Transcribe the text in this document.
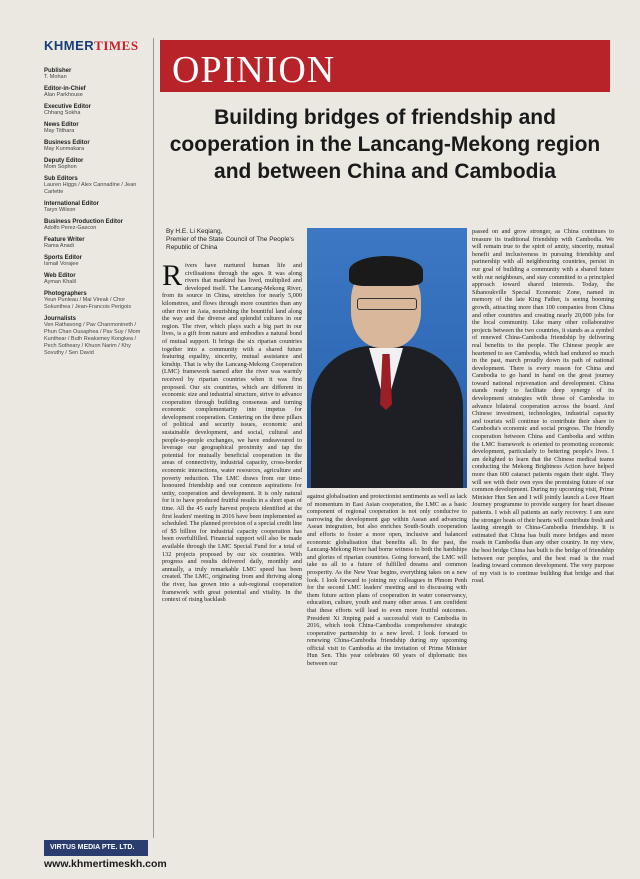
KHMERTIMES
Publisher
T. Mohan
Editor-in-Chief
Alan Parkhouse
Executive Editor
Chhang Sokha
News Editor
May Titthara
Business Editor
May Kunmakara
Deputy Editor
Mom Sophon
Sub Editors
Lauren Higgs / Alex Cannadine / Jean Carlette
International Editor
Taryn Wilson
Business Production Editor
Adolfo Perez-Gascon
Feature Writer
Rama Anadi
Sports Editor
Ismail Vorajee
Web Editor
Ayman Khalil
Photographers
Yeun Punleau / Mai Vireak / Chor Sokunthea / Jean-Francois Perigois
Journalists
Ven Rathavong / Pav Chanmonineth / Phun Chan Ousaphea / Pav Suy / Mom Kunthear / Buth Reaksmey Kongkea / Pech Sotheary / Khuon Narim / Khy Sovuthy / Sen David
OPINION
Building bridges of friendship and cooperation in the Lancang-Mekong region and between China and Cambodia
By H.E. Li Keqiang,
Premier of the State Council of The People's Republic of China
Rivers have nurtured human life and civilisations through the ages. It was along rivers that mankind has lived, multiplied and developed itself. The Lancang-Mekong River, from its source in China, stretches for nearly 5,000 kilometres, and flows through more countries than any other river in Asia, nourishing the bountiful land along the way and the diverse and splendid cultures in our region. The river, which plays such a big part in our lives, is a gift from nature and embodies a natural bond of mutual support. It brings the six riparian countries together into a community with a shared future featuring equality, sincerity, mutual assistance and kinship. That is why the Lancang-Mekong Cooperation (LMC) framework named after the river was warmly received by riparian countries when it was first proposed. Our six countries, which are different in economic size and industrial structure, strive to advance cooperation through building consensus and turning economic complementarity into impetus for development cooperation. Centering on the three pillars of political and security issues, economic and sustainable development, and social, cultural and people-to-people exchanges, we have endeavoured to leverage our geographical proximity and tap the potential for mutually beneficial cooperation in the areas of connectivity, industrial capacity, cross-border economic interactions, water resources, agriculture and poverty reduction. The LMC draws from our time-honoured friendship and our common aspirations for unity, cooperation and development. It is only natural for it to have produced fruitful results in a short span of time. All the 45 early harvest projects identified at the first leaders' meeting in 2016 have been implemented as scheduled. The planned provision of a special credit line of $5 billion for industrial capacity cooperation has been overfulfilled. Financial support will also be made available through the LMC Special Fund for a total of 132 projects proposed by our six countries. With progress and results delivered daily, monthly and annually, a truly remarkable LMC speed has been created. The LMC, originating from and thriving along the river, has grown into a sub-regional cooperation framework with great potential and vitality. In the context of rising backlash
against globalisation and protectionist sentiments as well as lack of momentum in East Asian cooperation, the LMC as a basic component of regional cooperation is not only conducive to narrowing the development gap within Asean and advancing Asean integration, but also enriches South-South cooperation and efforts to foster a more open, inclusive and balanced economic globalisation that benefits all. In the past, the Lancang-Mekong River had borne witness to both the hardships and glories of riparian countries. Going forward, the LMC will take us all to a future of fulfilled dreams and common prosperity. As the New Year begins, everything takes on a new look. I look forward to joining my colleagues in Phnom Penh for the second LMC leaders' meeting and to discussing with them future action plans of cooperation in water conservancy, education, culture, youth and many other areas. I am confident that these efforts will lead to even more fruitful outcomes. President Xi Jinping paid a successful visit to Cambodia in 2016, which took China-Cambodia comprehensive strategic cooperative partnership to a new level. I look forward to renewing China-Cambodia friendship during my upcoming official visit to Cambodia at the invitation of Prime Minister Hun Sen. This year celebrates 60 years of diplomatic ties between our
passed on and grow stronger, as China continues to treasure its traditional friendship with Cambodia. We will remain true to the spirit of amity, sincerity, mutual benefit and inclusiveness in pursuing friendship and partnership with all neighbouring countries, persist in our goal of building a community with a shared future with our neighbours, and stay committed to a principled approach toward shared interests. Today, the Sihanoukville Special Economic Zone, named in memory of the late King Father, is seeing booming growth, attracting more than 100 companies from China and other countries and creating nearly 20,000 jobs for the local community. Like many other collaborative projects between the two countries, it stands as a symbol of renewed China-Cambodia friendship by delivering real benefits to the people. The Chinese people are heartened to see Cambodia, which had endured so much in the past, march proudly down its path of national development. There is every reason for China and Cambodia to go hand in hand on the great journey toward national rejuvenation and development. China stands ready to facilitate deep synergy of its development strategies with those of Cambodia to advance bilateral cooperation across the board. And Chinese investment, technologies, industrial capacity and tourists will continue to contribute their share to Cambodia's economic and social progress. The friendly cooperation between China and Cambodia and within the LMC framework is oriented to promoting economic development, particularly to bettering people's lives. I am delighted to learn that the Chinese medical teams conducting the Mekong Brightness Action have helped more than 600 cataract patients regain their sight. They will see with their own eyes the promising future of our common development. During my upcoming visit, Prime Minister Hun Sen and I will jointly launch a Love Heart Journey programme to provide surgery for heart disease patients. I wish all patients an early recovery. I am sure the stronger beats of their hearts will contribute fresh and lasting strength to China-Cambodia friendship. It is estimated that China has built more bridges and more roads in Cambodia than any other country. In my view, the best bridge China has built is the bridge of friendship between our peoples, and the best road is the road leading toward common development. The very purpose of my visit is to continue building that bridge and that road.
VIRTUS MEDIA PTE. LTD.
www.khmertimeskh.com
